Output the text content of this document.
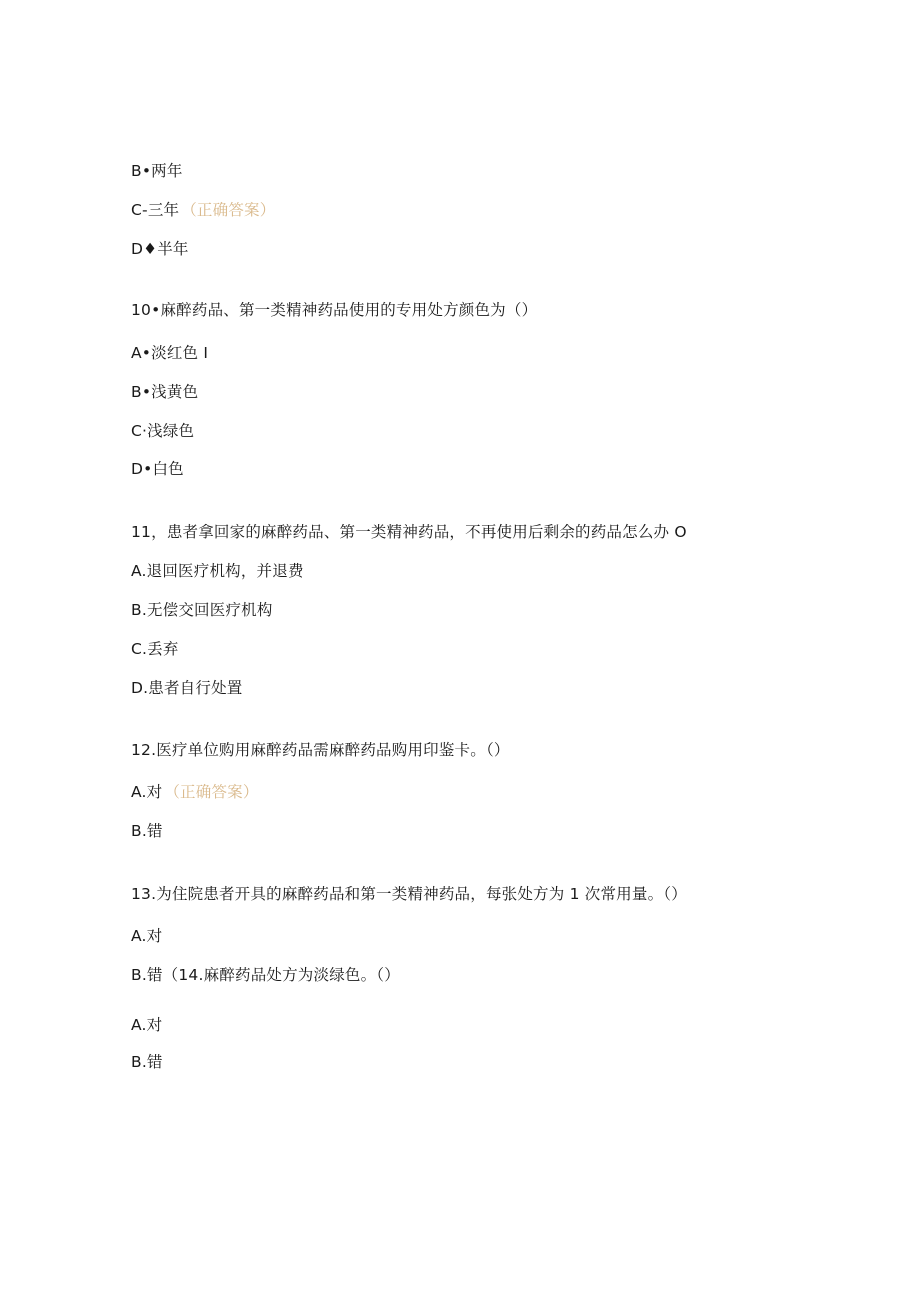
B•两年
C-三年 （正确答案）
D♦半年
10•麻醉药品、第一类精神药品使用的专用处方颜色为（）
A•淡红色 I
B•浅黄色
C·浅绿色
D•白色
11，患者拿回家的麻醉药品、第一类精神药品，不再使用后剩余的药品怎么办 O
A.退回医疗机构，并退费
B.无偿交回医疗机构
C.丢弃
D.患者自行处置
12.医疗单位购用麻醉药品需麻醉药品购用印鉴卡。（）
A.对 （正确答案）
B.错
13.为住院患者开具的麻醉药品和第一类精神药品，每张处方为 1 次常用量。（）
A.对
B.错（14.麻醉药品处方为淡绿色。（）
A.对
B.错
